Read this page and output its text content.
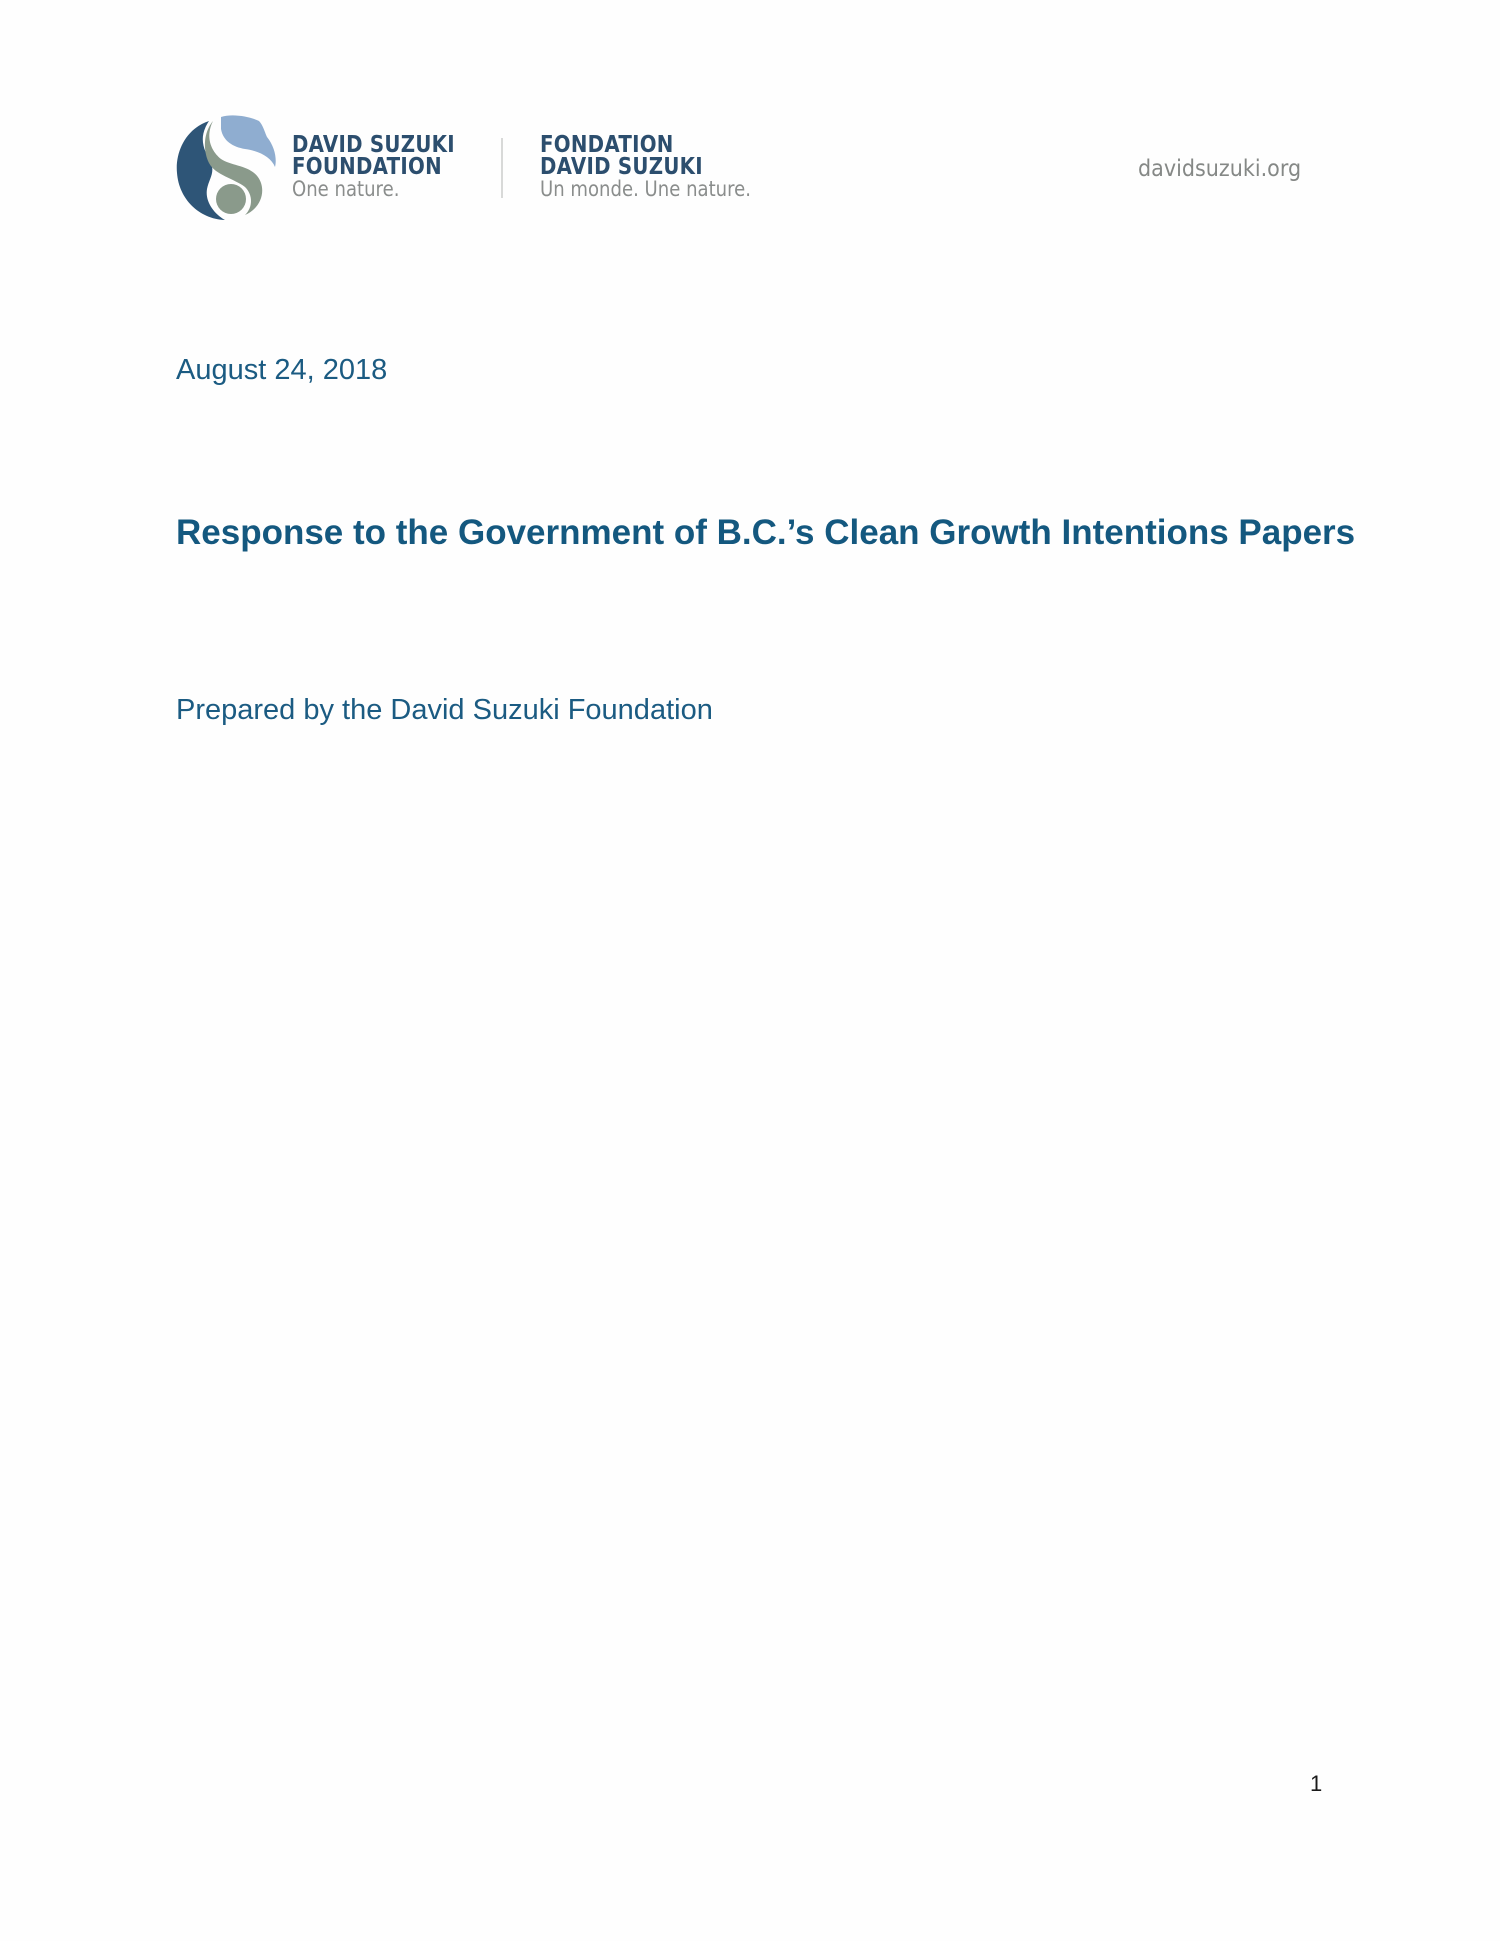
DAVID SUZUKI
FOUNDATION
One nature.
FONDATION
DAVID SUZUKI
Un monde. Une nature.
davidsuzuki.org
August 24, 2018
Response to the Government of B.C.’s Clean Growth Intentions Papers
Prepared by the David Suzuki Foundation
1
